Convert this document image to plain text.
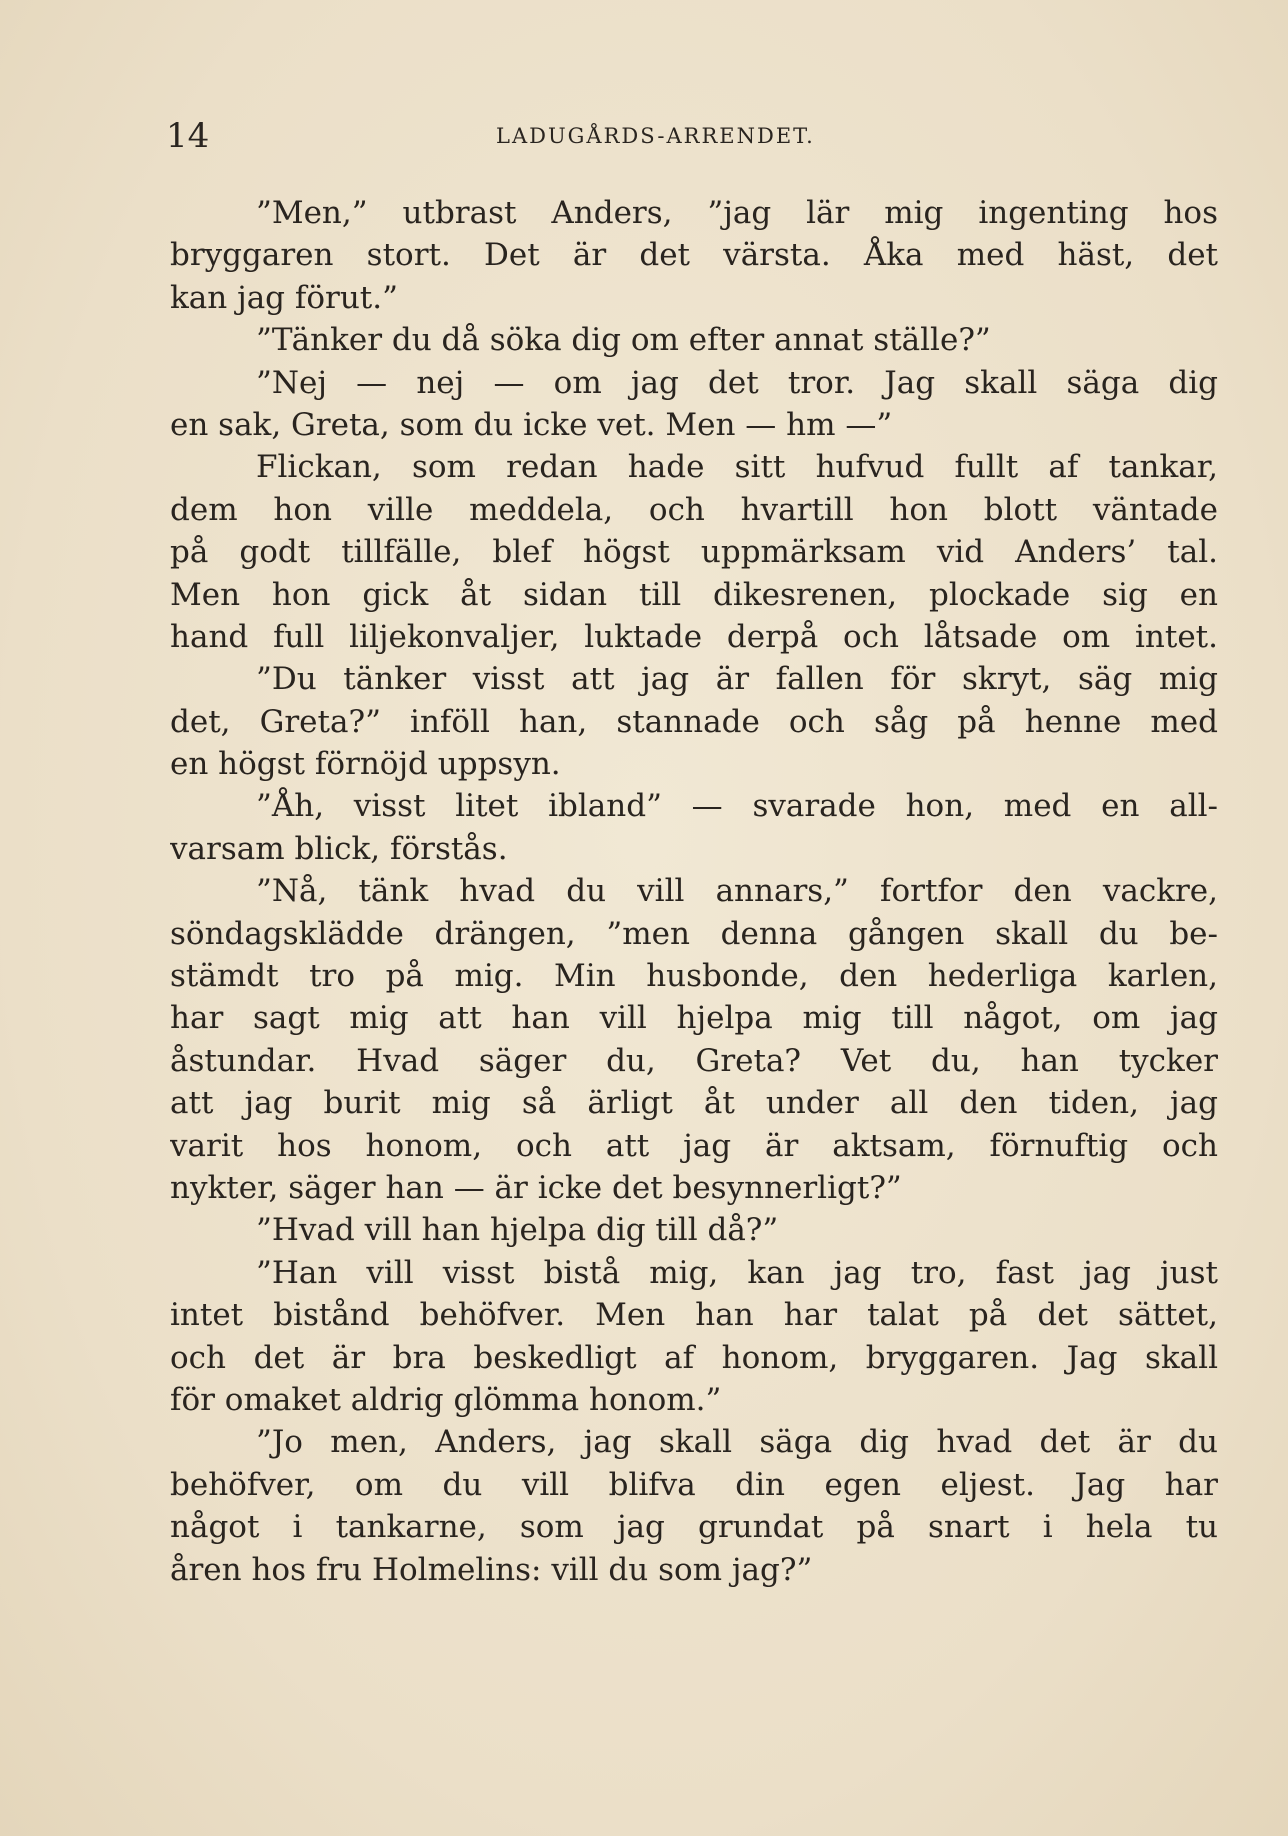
14	LADUGÅRDS-ARRENDET.
”Men,” utbrast Anders, ”jag lär mig ingenting hos
bryggaren stort. Det är det värsta. Åka med häst, det
kan jag förut.”
”Tänker du då söka dig om efter annat ställe?”
”Nej — nej — om jag det tror. Jag skall säga dig
en sak, Greta, som du icke vet. Men — hm —”
Flickan, som redan hade sitt hufvud fullt af tankar,
dem hon ville meddela, och hvartill hon blott väntade
på godt tillfälle, blef högst uppmärksam vid Anders’ tal.
Men hon gick åt sidan till dikesrenen, plockade sig en
hand full liljekonvaljer, luktade derpå och låtsade om intet.
”Du tänker visst att jag är fallen för skryt, säg mig
det, Greta?” inföll han, stannade och såg på henne med
en högst förnöjd uppsyn.
”Åh, visst litet ibland” — svarade hon, med en all-
varsam blick, förstås.
”Nå, tänk hvad du vill annars,” fortfor den vackre,
söndagsklädde drängen, ”men denna gången skall du be-
stämdt tro på mig. Min husbonde, den hederliga karlen,
har sagt mig att han vill hjelpa mig till något, om jag
åstundar. Hvad säger du, Greta? Vet du, han tycker
att jag burit mig så ärligt åt under all den tiden, jag
varit hos honom, och att jag är aktsam, förnuftig och
nykter, säger han — är icke det besynnerligt?”
”Hvad vill han hjelpa dig till då?”
”Han vill visst bistå mig, kan jag tro, fast jag just
intet bistånd behöfver. Men han har talat på det sättet,
och det är bra beskedligt af honom, bryggaren. Jag skall
för omaket aldrig glömma honom.”
”Jo men, Anders, jag skall säga dig hvad det är du
behöfver, om du vill blifva din egen eljest. Jag har
något i tankarne, som jag grundat på snart i hela tu
åren hos fru Holmelins: vill du som jag?”
